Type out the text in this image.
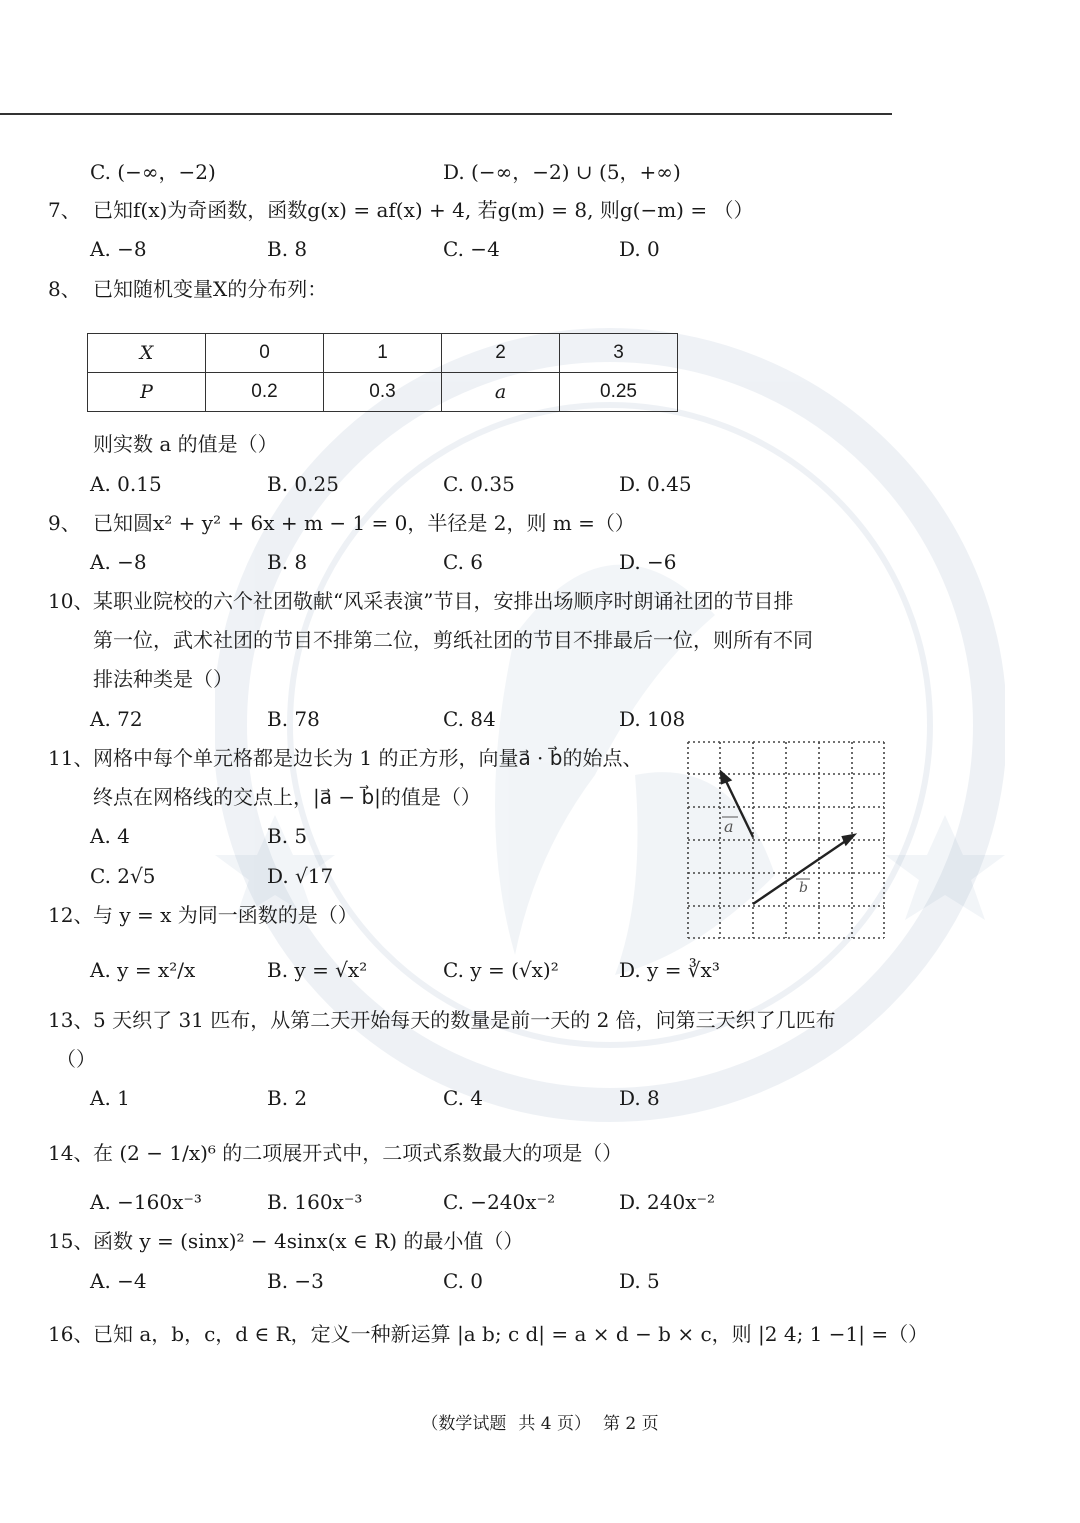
C. (−∞，−2)	D. (−∞，−2) ∪ (5，+∞)
7、 已知f(x)为奇函数，函数g(x) = af(x) + 4, 若g(m) = 8, 则g(−m) = （）
A. −8	B. 8	C. −4	D. 0
8、 已知随机变量X的分布列：
X	0	1	2	3
P	0.2	0.3	a	0.25
则实数 a 的值是（）
A. 0.15	B. 0.25	C. 0.35	D. 0.45
9、 已知圆x² + y² + 6x + m − 1 = 0，半径是 2，则 m =（）
A. −8	B. 8	C. 6	D. −6
10、 某职业院校的六个社团敬献“风采表演”节目，安排出场顺序时朗诵社团的节目排
第一位，武术社团的节目不排第二位，剪纸社团的节目不排最后一位，则所有不同
排法种类是（）
A. 72	B. 78	C. 84	D. 108
11、 网格中每个单元格都是边长为 1 的正方形，向量a⃗ · b⃗的始点、
终点在网格线的交点上，|a⃗ − b⃗|的值是（）
A. 4	B. 5
C. 2√5	D. √17
a
b
12、 与 y = x 为同一函数的是（）
A. y = x²/x	B. y = √x²	C. y = (√x)²	D. y = ∛x³
13、 5 天织了 31 匹布，从第二天开始每天的数量是前一天的 2 倍，问第三天织了几匹布
（）
A. 1	B. 2	C. 4	D. 8
14、 在 (2 − 1/x)⁶ 的二项展开式中，二项式系数最大的项是（）
A. −160x⁻³	B. 160x⁻³	C. −240x⁻²	D. 240x⁻²
15、 函数 y = (sinx)² − 4sinx(x ∈ R) 的最小值（）
A. −4	B. −3	C. 0	D. 5
16、 已知 a，b，c，d ∈ R，定义一种新运算 |a b; c d| = a × d − b × c，则 |2 4; 1 −1| =（）
（数学试题 共 4 页） 第 2 页
